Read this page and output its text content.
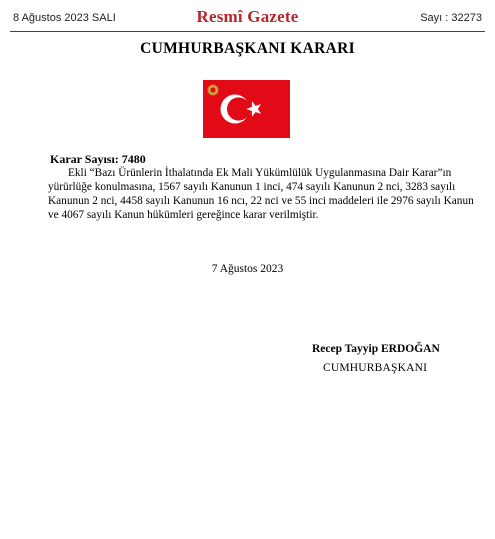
8 Ağustos 2023 SALI	Resmî Gazete	Sayı : 32273
CUMHURBAŞKANI KARARI
Karar Sayısı: 7480
Ekli “Bazı Ürünlerin İthalatında Ek Mali Yükümlülük Uygulanmasına Dair Karar”ın
yürürlüğe konulmasına, 1567 sayılı Kanunun 1 inci, 474 sayılı Kanunun 2 nci, 3283 sayılı
Kanunun 2 nci, 4458 sayılı Kanunun 16 ncı, 22 nci ve 55 inci maddeleri ile 2976 sayılı Kanun
ve 4067 sayılı Kanun hükümleri gereğince karar verilmiştir.
7 Ağustos 2023
Recep Tayyip ERDOĞAN
CUMHURBAŞKANI
